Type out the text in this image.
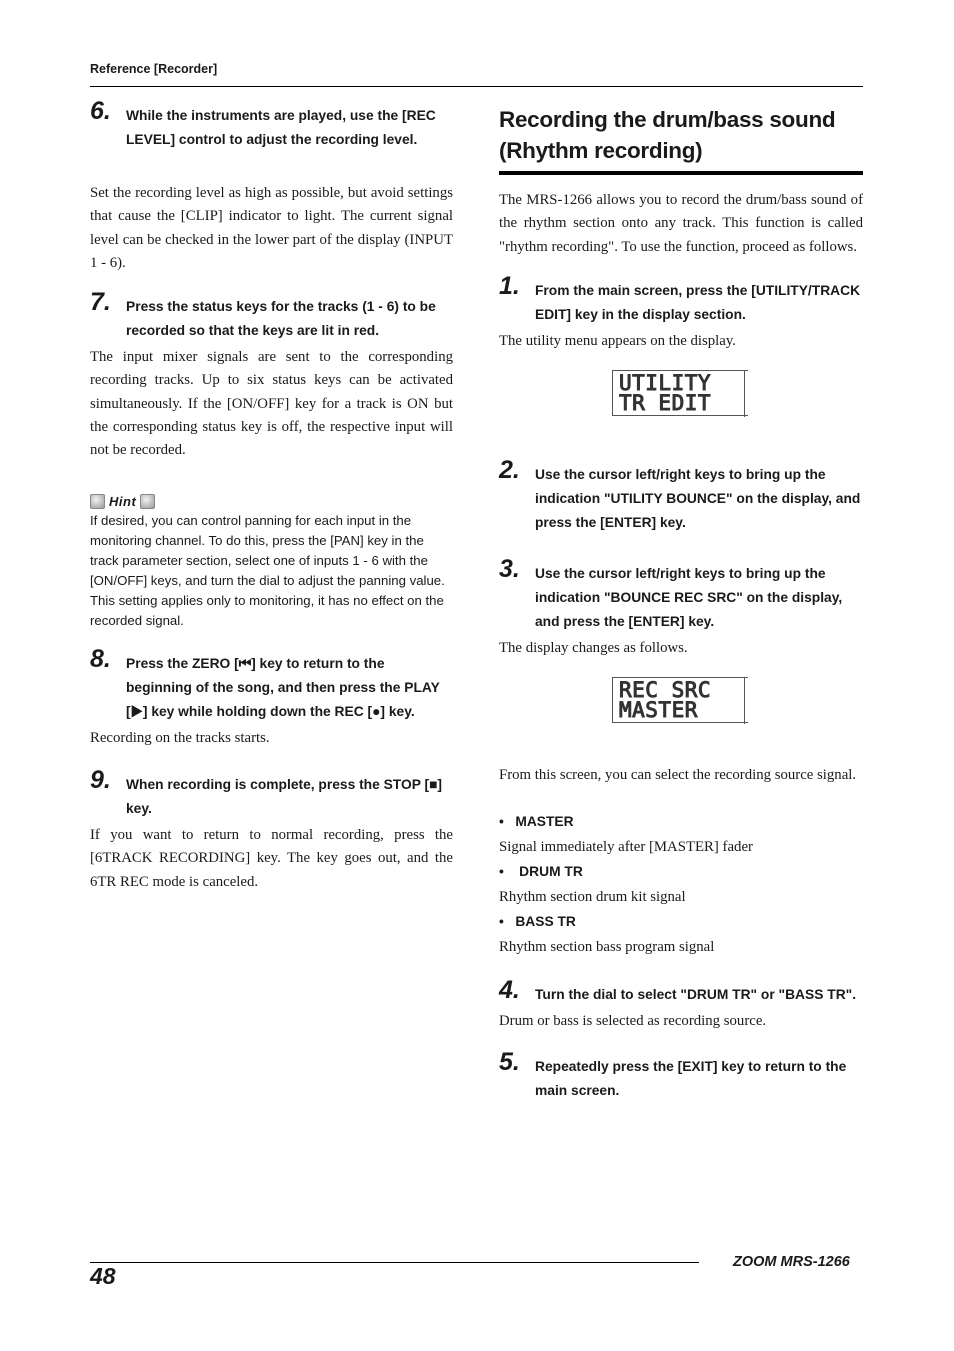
Reference [Recorder]
6. While the instruments are played, use the [REC LEVEL] control to adjust the recording level.
Set the recording level as high as possible, but avoid settings that cause the [CLIP] indicator to light. The current signal level can be checked in the lower part of the display (INPUT 1 - 6).
7. Press the status keys for the tracks (1 - 6) to be recorded so that the keys are lit in red.
The input mixer signals are sent to the corresponding recording tracks. Up to six status keys can be activated simultaneously. If the [ON/OFF] key for a track is ON but the corresponding status key is off, the respective input will not be recorded.
Hint
If desired, you can control panning for each input in the monitoring channel. To do this, press the [PAN] key in the track parameter section, select one of inputs 1 - 6 with the [ON/OFF] keys, and turn the dial to adjust the panning value. This setting applies only to monitoring, it has no effect on the recorded signal.
8. Press the ZERO [⏮] key to return to the beginning of the song, and then press the PLAY [▶] key while holding down the REC [●] key.
Recording on the tracks starts.
9. When recording is complete, press the STOP [■] key.
If you want to return to normal recording, press the [6TRACK RECORDING] key. The key goes out, and the 6TR REC mode is canceled.
Recording the drum/bass sound
(Rhythm recording)
The MRS-1266 allows you to record the drum/bass sound of the rhythm section onto any track. This function is called "rhythm recording". To use the function, proceed as follows.
1. From the main screen, press the [UTILITY/TRACK EDIT] key in the display section.
The utility menu appears on the display.
UTILITY
TR EDIT
2. Use the cursor left/right keys to bring up the indication "UTILITY BOUNCE" on the display, and press the [ENTER] key.
3. Use the cursor left/right keys to bring up the indication "BOUNCE REC SRC" on the display, and press the [ENTER] key.
The display changes as follows.
REC SRC
MASTER
From this screen, you can select the recording source signal.
•   MASTER
Signal immediately after [MASTER] fader
•    DRUM TR
Rhythm section drum kit signal
•   BASS TR
Rhythm section bass program signal
4. Turn the dial to select "DRUM TR" or "BASS TR".
Drum or bass is selected as recording source.
5. Repeatedly press the [EXIT] key to return to the main screen.
48
ZOOM MRS-1266
